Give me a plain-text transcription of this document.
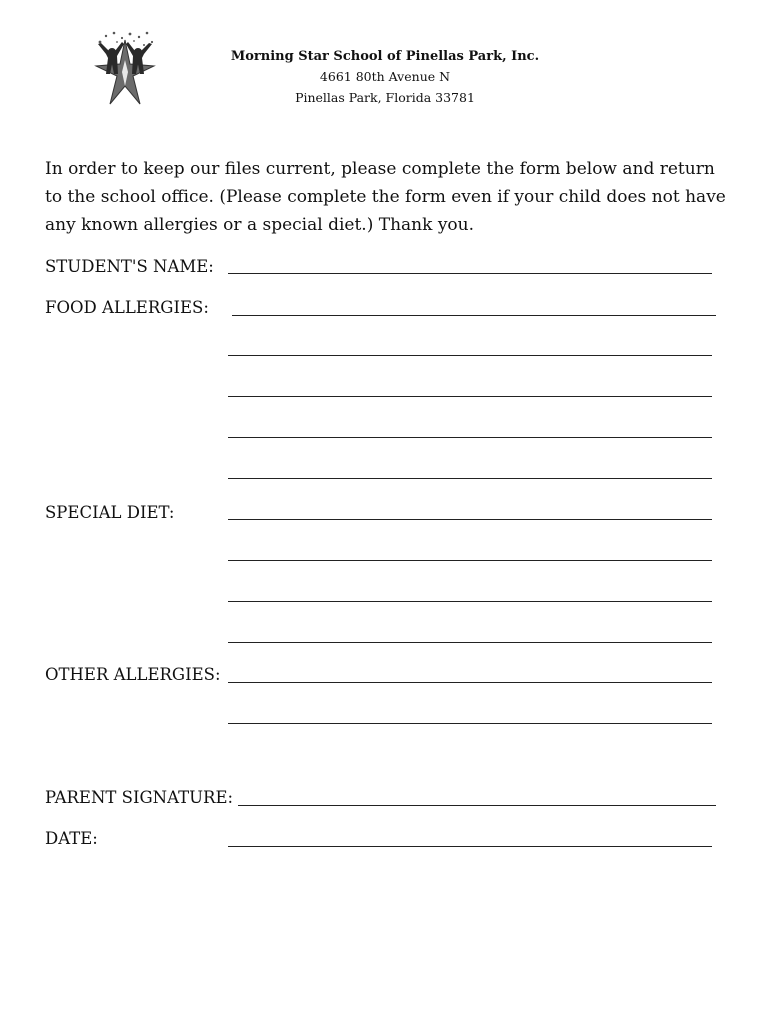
Morning Star School of Pinellas Park, Inc.
4661 80th Avenue N
Pinellas Park, Florida 33781
In order to keep our files current, please complete the form below and return
to the school office. (Please complete the form even if your child does not have
any known allergies or a special diet.) Thank you.
STUDENT'S NAME:
FOOD ALLERGIES:
SPECIAL DIET:
OTHER ALLERGIES:
PARENT SIGNATURE:
DATE:
